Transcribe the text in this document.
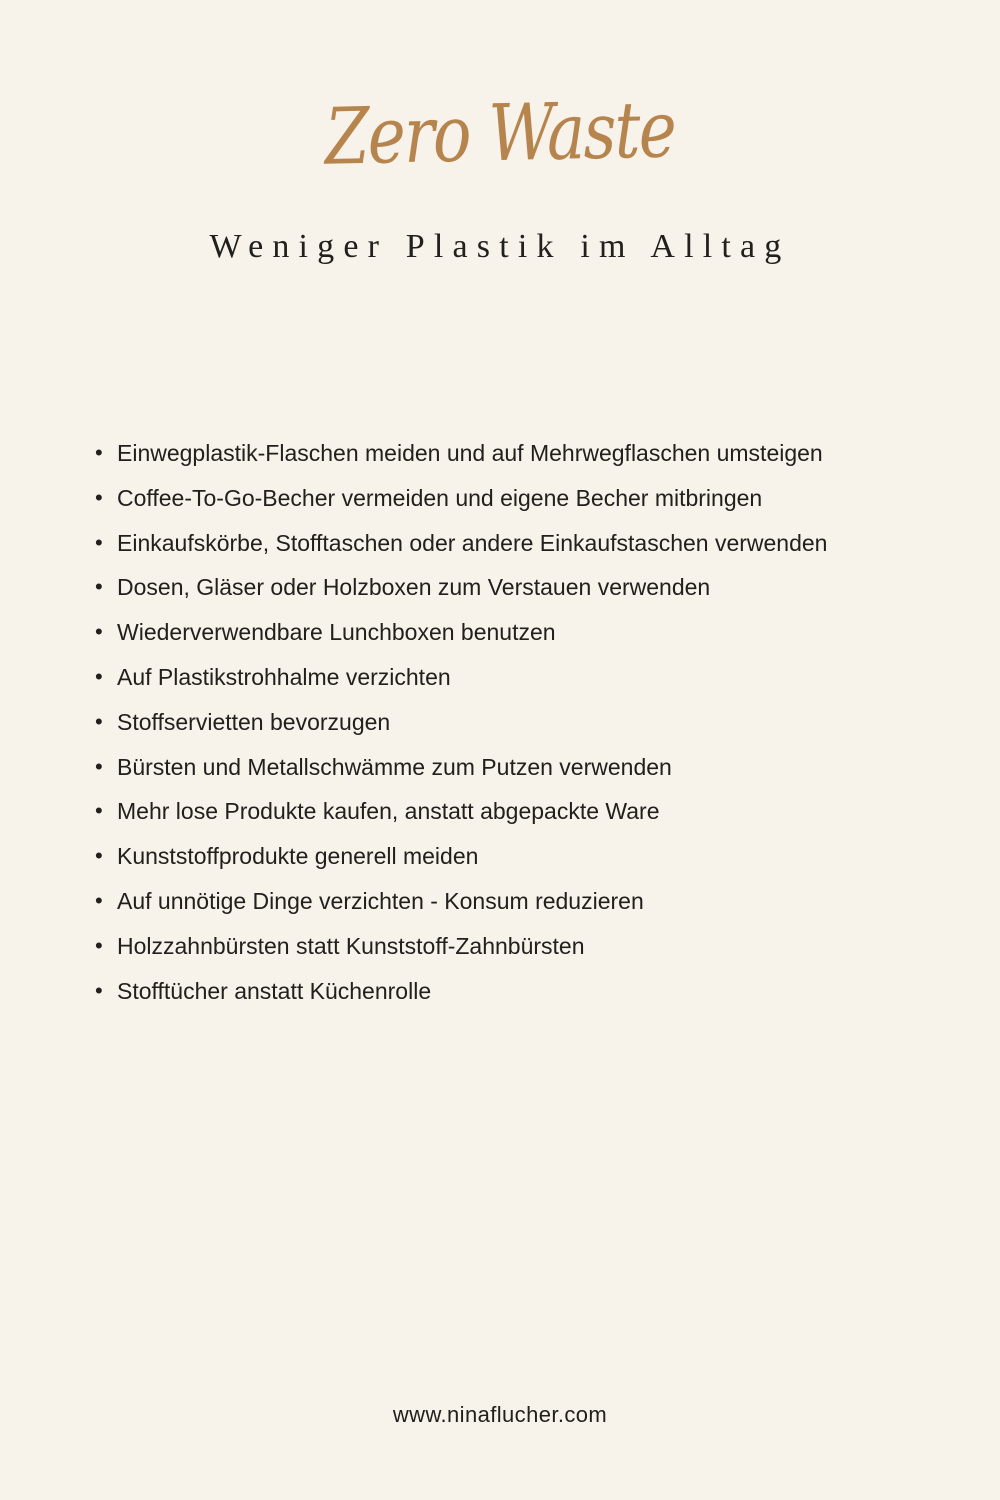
Zero Waste
Weniger Plastik im Alltag
• Einwegplastik-Flaschen meiden und auf Mehrwegflaschen umsteigen
• Coffee-To-Go-Becher vermeiden und eigene Becher mitbringen
• Einkaufskörbe, Stofftaschen oder andere Einkaufstaschen verwenden
• Dosen, Gläser oder Holzboxen zum Verstauen verwenden
• Wiederverwendbare Lunchboxen benutzen
• Auf Plastikstrohhalme verzichten
• Stoffservietten bevorzugen
• Bürsten und Metallschwämme zum Putzen verwenden
• Mehr lose Produkte kaufen, anstatt abgepackte Ware
• Kunststoffprodukte generell meiden
• Auf unnötige Dinge verzichten - Konsum reduzieren
• Holzzahnbürsten statt Kunststoff-Zahnbürsten
• Stofftücher anstatt Küchenrolle
www.ninaflucher.com
